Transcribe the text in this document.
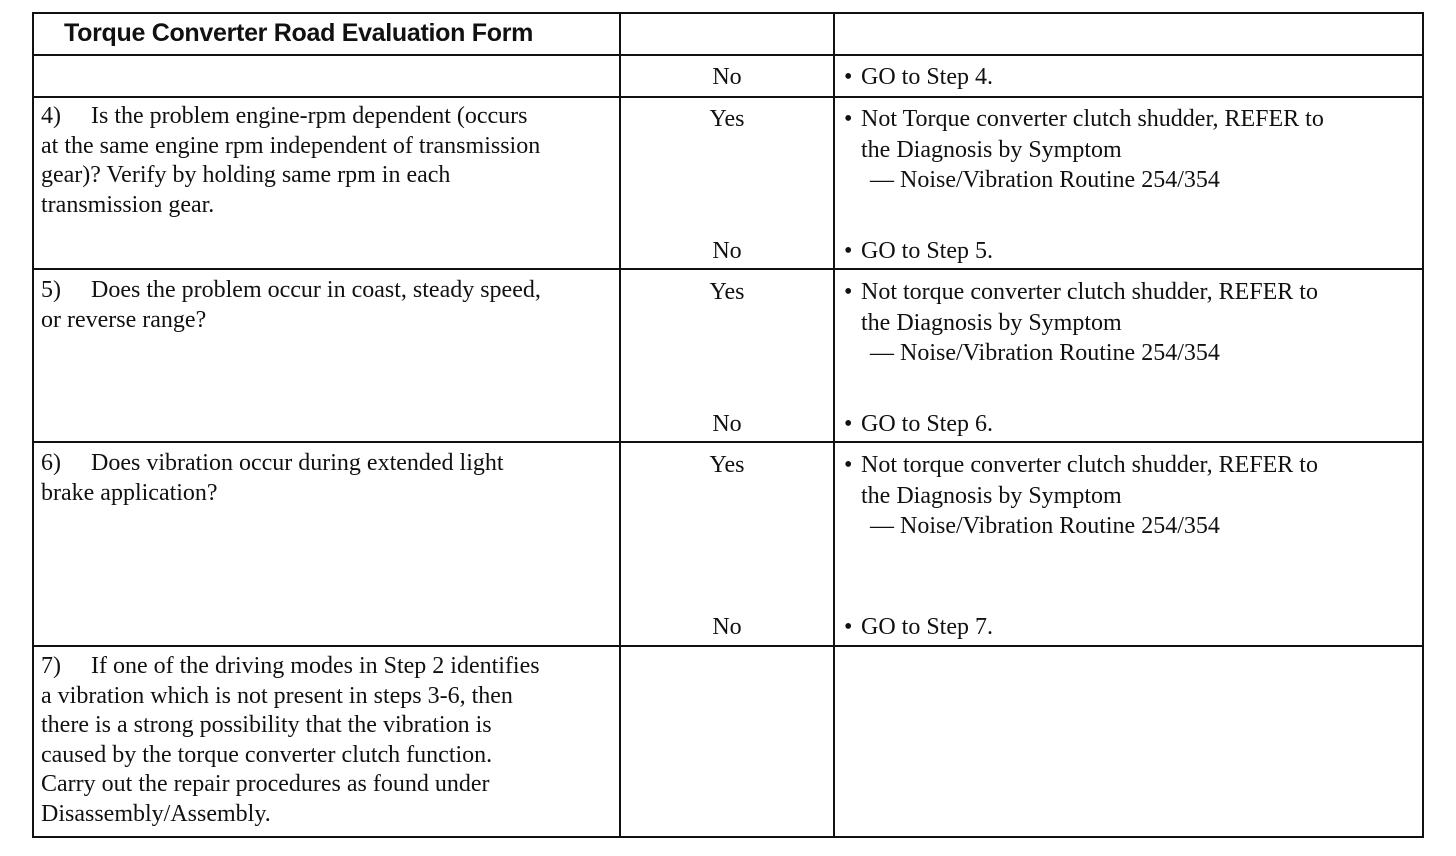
Torque Converter Road Evaluation Form
No	• GO to Step 4.
4) Is the problem engine-rpm dependent (occurs
at the same engine rpm independent of transmission
gear)? Verify by holding same rpm in each
transmission gear.
Yes	• Not Torque converter clutch shudder, REFER to
the Diagnosis by Symptom
— Noise/Vibration Routine 254/354
No	• GO to Step 5.
5) Does the problem occur in coast, steady speed,
or reverse range?
Yes	• Not torque converter clutch shudder, REFER to
the Diagnosis by Symptom
— Noise/Vibration Routine 254/354
No	• GO to Step 6.
6) Does vibration occur during extended light
brake application?
Yes	• Not torque converter clutch shudder, REFER to
the Diagnosis by Symptom
— Noise/Vibration Routine 254/354
No	• GO to Step 7.
7) If one of the driving modes in Step 2 identifies
a vibration which is not present in steps 3-6, then
there is a strong possibility that the vibration is
caused by the torque converter clutch function.
Carry out the repair procedures as found under
Disassembly/Assembly.
